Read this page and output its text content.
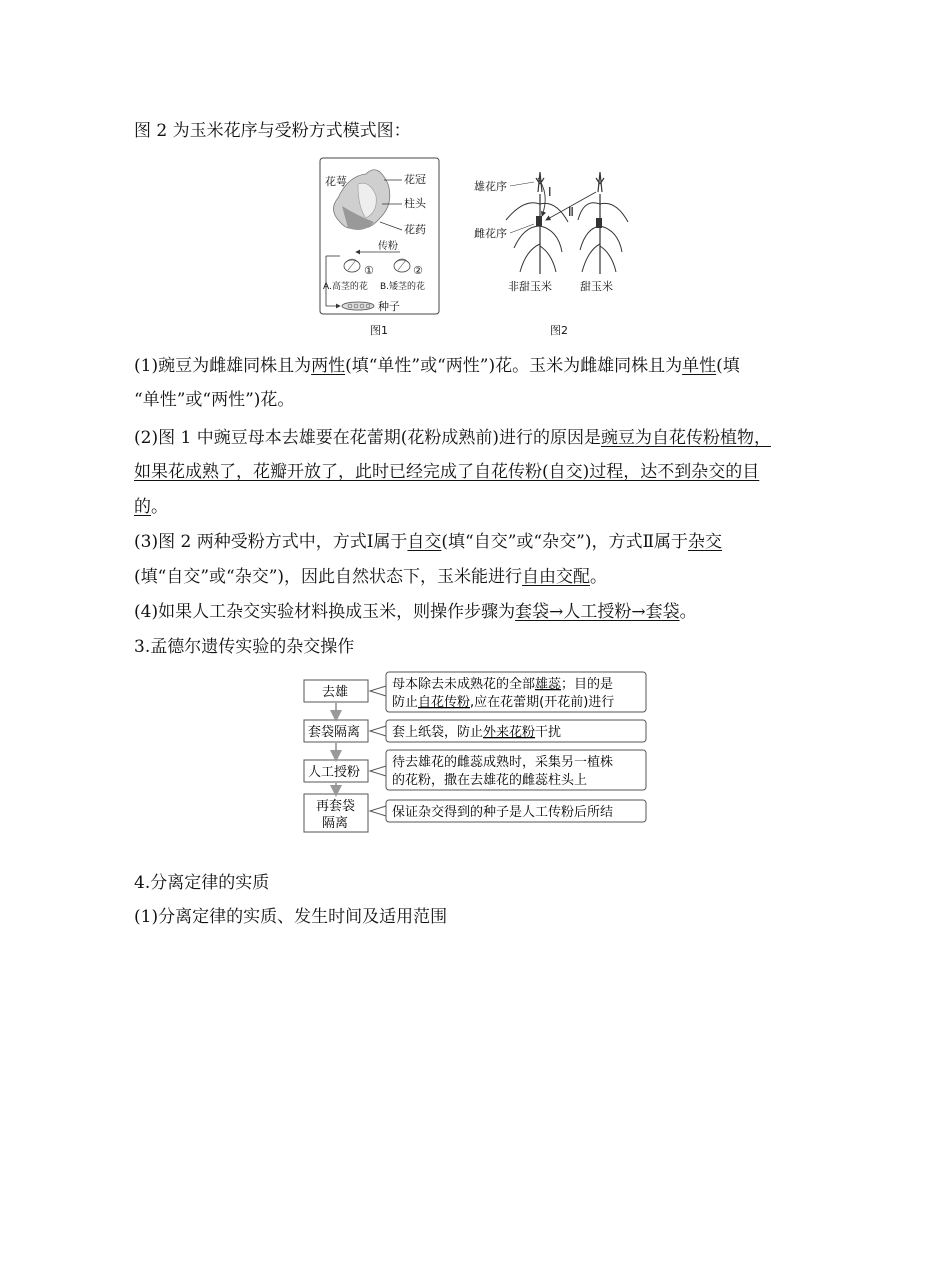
图 2 为玉米花序与受粉方式模式图：
花萼	花冠
柱头
花药
传粉
①	②
A.高茎的花 B.矮茎的花
种子
图1
Ⅰ
Ⅱ
雄花序
雌花序
非甜玉米	甜玉米
图2
(1)豌豆为雌雄同株且为两性(填“单性”或“两性”)花。玉米为雌雄同株且为单性(填
“单性”或“两性”)花。
(2)图 1 中豌豆母本去雄要在花蕾期(花粉成熟前)进行的原因是豌豆为自花传粉植物，
如果花成熟了，花瓣开放了，此时已经完成了自花传粉(自交)过程，达不到杂交的目
的。
(3)图 2 两种受粉方式中，方式Ⅰ属于自交(填“自交”或“杂交”)，方式Ⅱ属于杂交
(填“自交”或“杂交”)，因此自然状态下，玉米能进行自由交配。
(4)如果人工杂交实验材料换成玉米，则操作步骤为套袋→人工授粉→套袋。
3.孟德尔遗传实验的杂交操作
去雄
套袋隔离
人工授粉
再套袋
隔离
母本除去未成熟花的全部雄蕊；目的是
防止自花传粉,应在花蕾期(开花前)进行
套上纸袋，防止外来花粉干扰
待去雄花的雌蕊成熟时，采集另一植株
的花粉，撒在去雄花的雌蕊柱头上
保证杂交得到的种子是人工传粉后所结
4.分离定律的实质
(1)分离定律的实质、发生时间及适用范围
